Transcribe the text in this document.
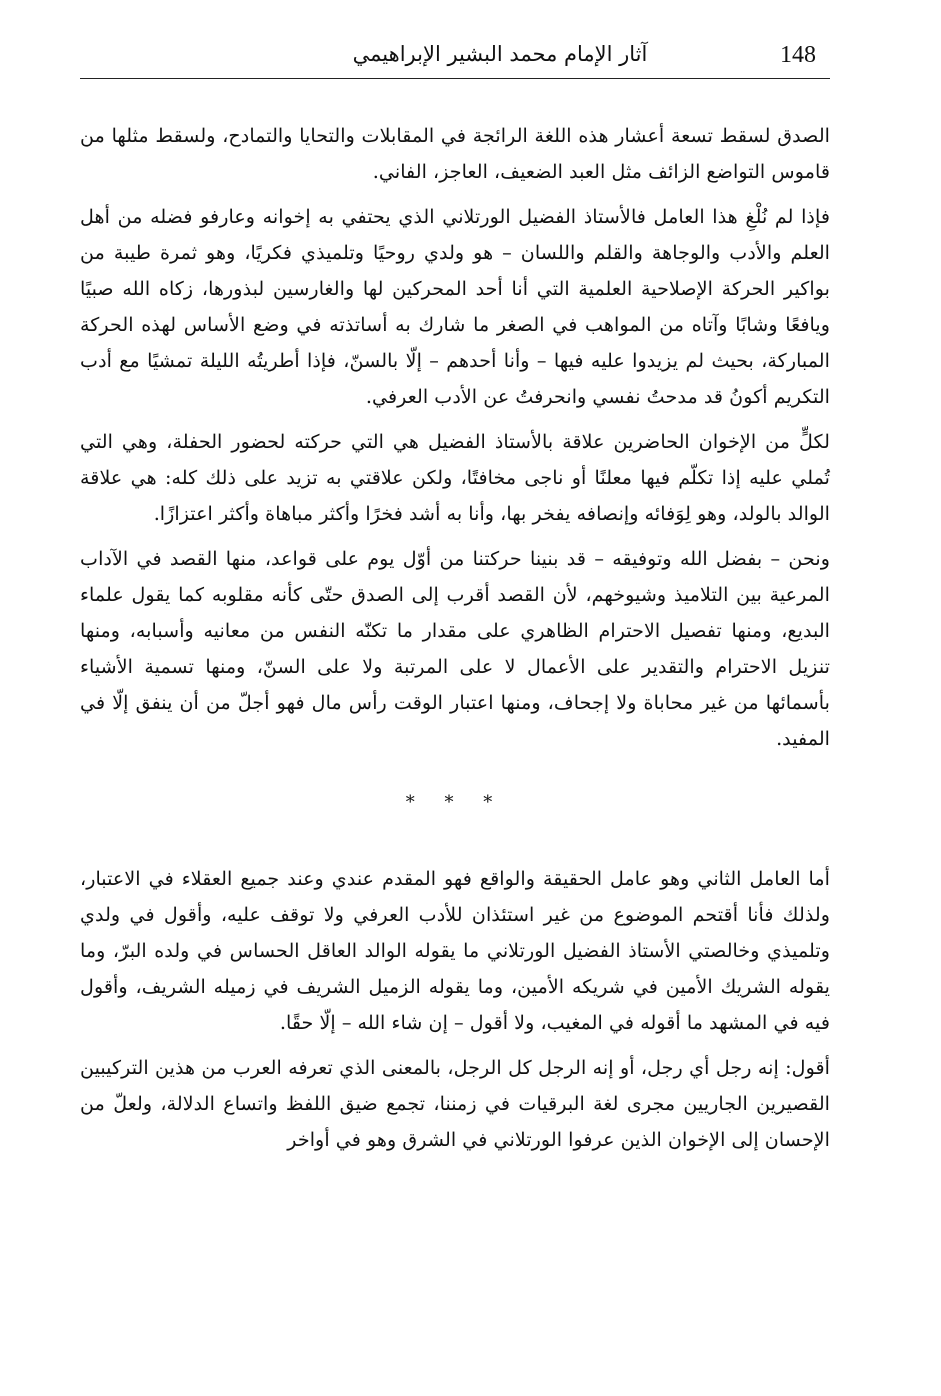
148
آثار الإمام محمد البشير الإبراهيمي

الصدق لسقط تسعة أعشار هذه اللغة الرائجة في المقابلات والتحايا والتمادح، ولسقط مثلها من قاموس التواضع الزائف مثل العبد الضعيف، العاجز، الفاني.

فإذا لم نُلْغِ هذا العامل فالأستاذ الفضيل الورتلاني الذي يحتفي به إخوانه وعارفو فضله من أهل العلم والأدب والوجاهة والقلم واللسان – هو ولدي روحيًا وتلميذي فكريًا، وهو ثمرة طيبة من بواكير الحركة الإصلاحية العلمية التي أنا أحد المحركين لها والغارسين لبذورها، زكاه الله صبيًا ويافعًا وشابًا وآتاه من المواهب في الصغر ما شارك به أساتذته في وضع الأساس لهذه الحركة المباركة، بحيث لم يزيدوا عليه فيها – وأنا أحدهم – إلّا بالسنّ، فإذا أطريتُه الليلة تمشيًا مع أدب التكريم أكونُ قد مدحتُ نفسي وانحرفتُ عن الأدب العرفي.

لكلٍّ من الإخوان الحاضرين علاقة بالأستاذ الفضيل هي التي حركته لحضور الحفلة، وهي التي تُملي عليه إذا تكلّم فيها معلنًا أو ناجى مخافتًا، ولكن علاقتي به تزيد على ذلك كله: هي علاقة الوالد بالولد، وهو لِوَفائه وإنصافه يفخر بها، وأنا به أشد فخرًا وأكثر مباهاة وأكثر اعتزازًا.

ونحن – بفضل الله وتوفيقه – قد بنينا حركتنا من أوّل يوم على قواعد، منها القصد في الآداب المرعية بين التلاميذ وشيوخهم، لأن القصد أقرب إلى الصدق حتّى كأنه مقلوبه كما يقول علماء البديع، ومنها تفصيل الاحترام الظاهري على مقدار ما تكنّه النفس من معانيه وأسبابه، ومنها تنزيل الاحترام والتقدير على الأعمال لا على المرتبة ولا على السنّ، ومنها تسمية الأشياء بأسمائها من غير محاباة ولا إجحاف، ومنها اعتبار الوقت رأس مال فهو أجلّ من أن ينفق إلّا في المفيد.

* * *

أما العامل الثاني وهو عامل الحقيقة والواقع فهو المقدم عندي وعند جميع العقلاء في الاعتبار، ولذلك فأنا أقتحم الموضوع من غير استئذان للأدب العرفي ولا توقف عليه، وأقول في ولدي وتلميذي وخالصتي الأستاذ الفضيل الورتلاني ما يقوله الوالد العاقل الحساس في ولده البرّ، وما يقوله الشريك الأمين في شريكه الأمين، وما يقوله الزميل الشريف في زميله الشريف، وأقول فيه في المشهد ما أقوله في المغيب، ولا أقول – إن شاء الله – إلّا حقًا.

أقول: إنه رجل أي رجل، أو إنه الرجل كل الرجل، بالمعنى الذي تعرفه العرب من هذين التركيبين القصيرين الجاريين مجرى لغة البرقيات في زمننا، تجمع ضيق اللفظ واتساع الدلالة، ولعلّ من الإحسان إلى الإخوان الذين عرفوا الورتلاني في الشرق وهو في أواخر
